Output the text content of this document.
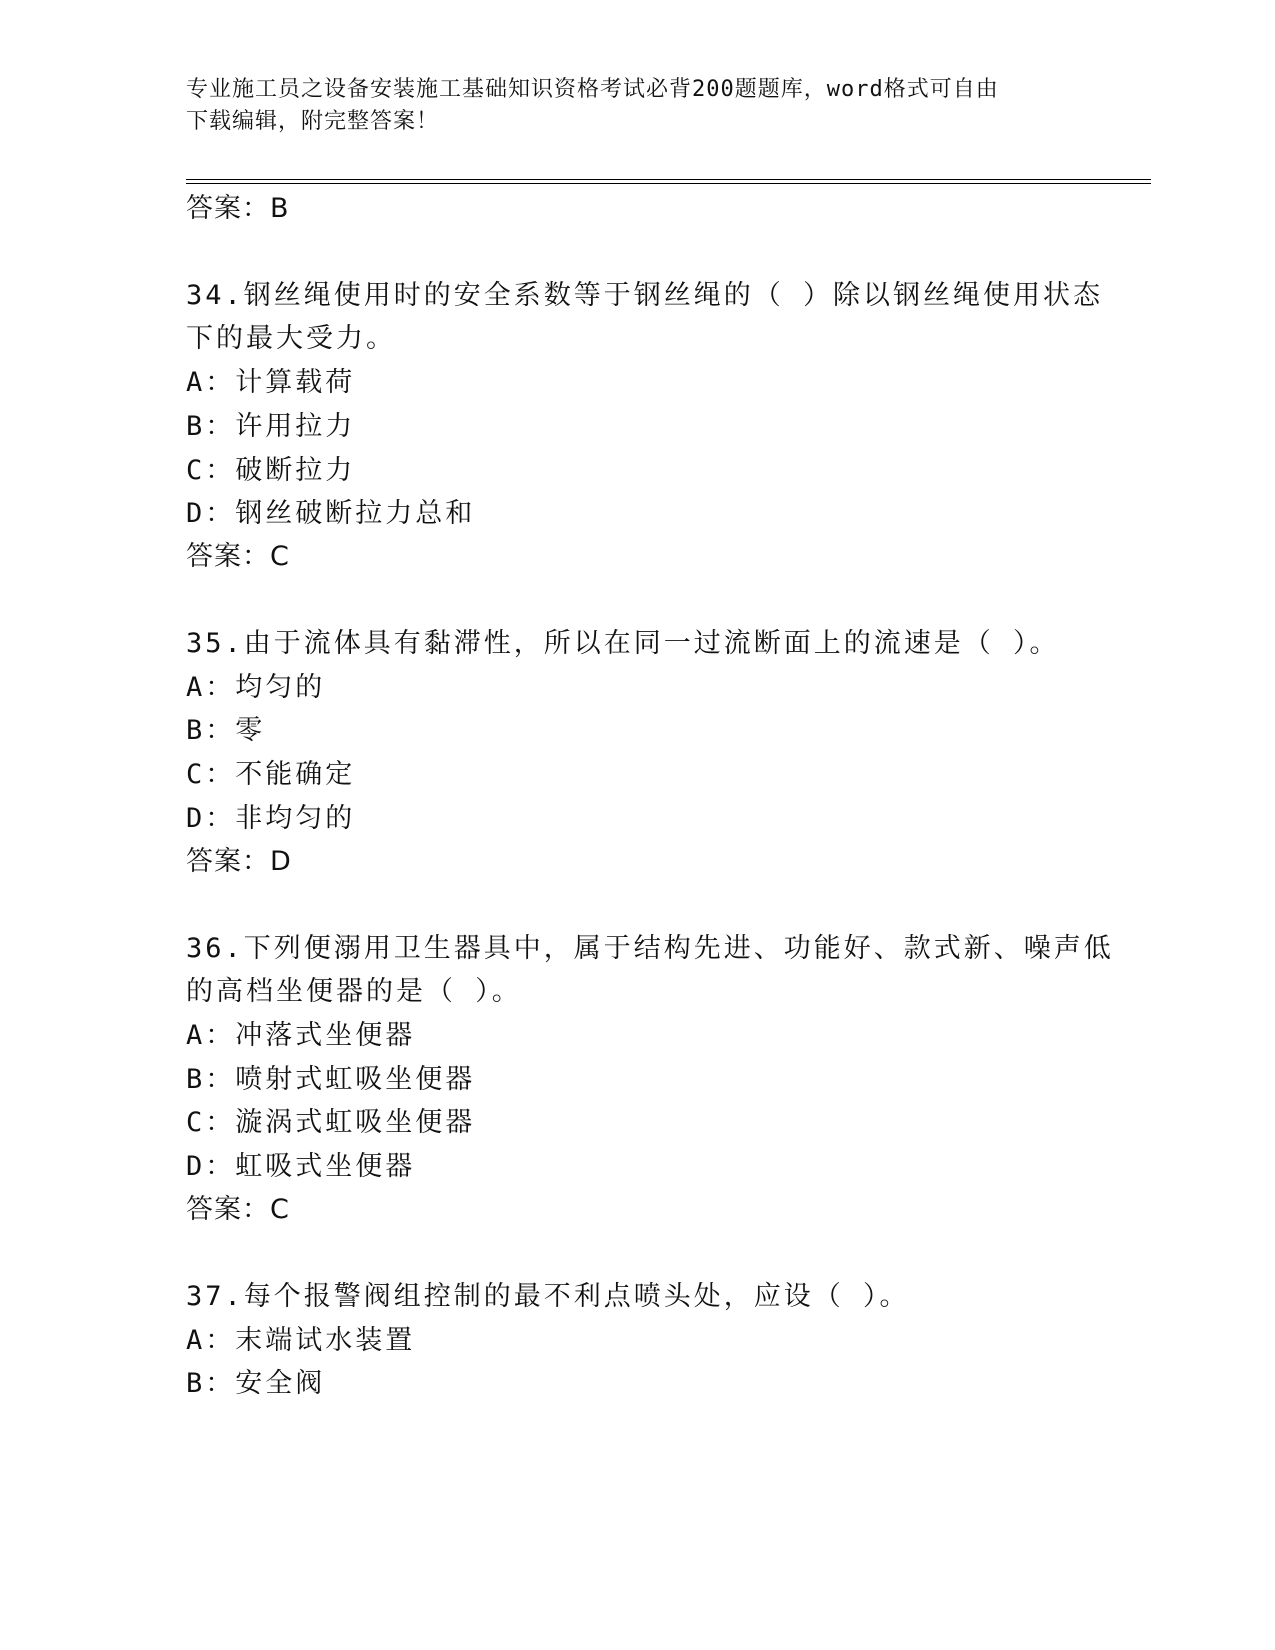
专业施工员之设备安装施工基础知识资格考试必背200题题库，word格式可自由
下载编辑，附完整答案！
答案：B
34.钢丝绳使用时的安全系数等于钢丝绳的（ ）除以钢丝绳使用状态
下的最大受力。
A：计算载荷
B：许用拉力
C：破断拉力
D：钢丝破断拉力总和
答案：C
35.由于流体具有黏滞性，所以在同一过流断面上的流速是（ ）。
A：均匀的
B：零
C：不能确定
D：非均匀的
答案：D
36.下列便溺用卫生器具中，属于结构先进、功能好、款式新、噪声低
的高档坐便器的是（ ）。
A：冲落式坐便器
B：喷射式虹吸坐便器
C：漩涡式虹吸坐便器
D：虹吸式坐便器
答案：C
37.每个报警阀组控制的最不利点喷头处，应设（ ）。
A：末端试水装置
B：安全阀
